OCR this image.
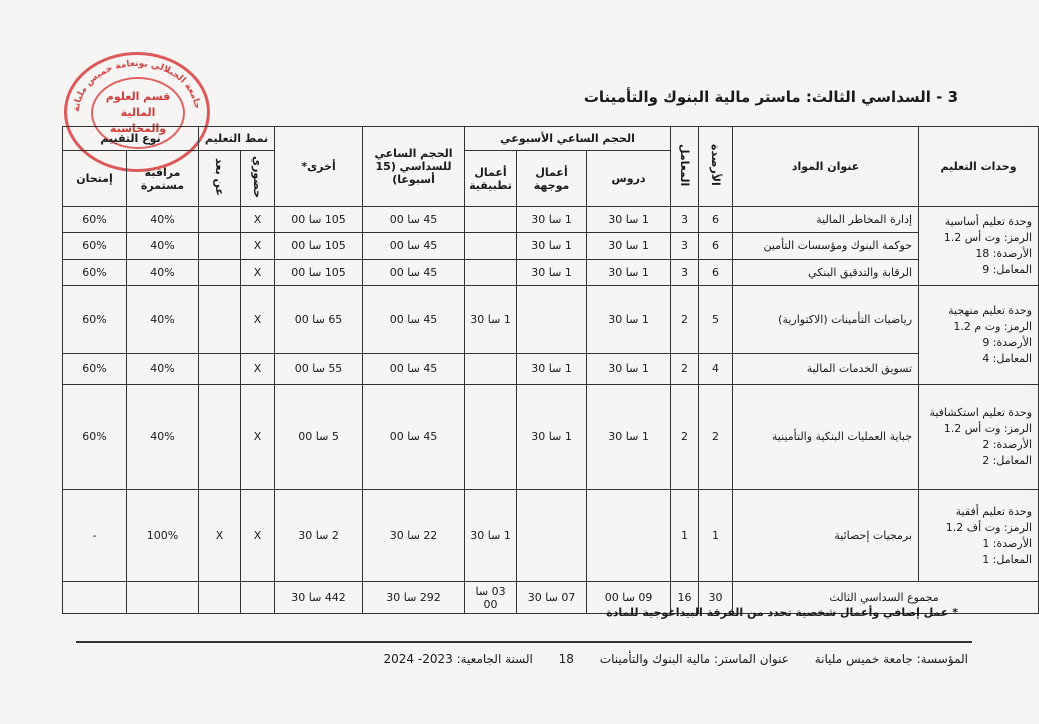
جامعة الجيلالي بونعامة خميس مليانة
قسم العلوم
المالية
والمحاسبة
3 - السداسي الثالث: ماستر مالية البنوك والتأمينات
وحدات التعليم	عنوان المواد	الأرصدة	المعامل	الحجم الساعي الأسبوعي			الحجم الساعي للسداسي (15 أسبوعا)	أخرى*	نمط التعليم		نوع التقييم	
				دروس	أعمال موجهة	أعمال تطبيقية			حضوري	عن بعد	مراقبة مستمرة	إمتحان

وحدة تعليم أساسية
الرمز: وت أس 1.2
الأرصدة: 18
المعامل: 9	إدارة المخاطر المالية	6	3	1 سا 30	1 سا 30		45 سا 00	105 سا 00	X		40%	60%
	حوكمة البنوك ومؤسسات التأمين	6	3	1 سا 30	1 سا 30		45 سا 00	105 سا 00	X		40%	60%
	الرقابة والتدقيق البنكي	6	3	1 سا 30	1 سا 30		45 سا 00	105 سا 00	X		40%	60%

وحدة تعليم منهجية
الرمز: وت م 1.2
الأرصدة: 9
المعامل: 4	رياضيات التأمينات (الاكتوارية)	5	2	1 سا 30		1 سا 30	45 سا 00	65 سا 00	X		40%	60%
	تسويق الخدمات المالية	4	2	1 سا 30	1 سا 30		45 سا 00	55 سا 00	X		40%	60%

وحدة تعليم استكشافية
الرمز: وت أس 1.2
الأرصدة: 2
المعامل: 2	جباية العمليات البنكية والتأمينية	2	2	1 سا 30	1 سا 30		45 سا 00	5 سا 00	X		40%	60%

وحدة تعليم أفقية
الرمز: وت أف 1.2
الأرصدة: 1
المعامل: 1	برمجيات إحصائية	1	1			1 سا 30	22 سا 30	2 سا 30	X	X	100%	-
مجموع السداسي الثالث		30	16	09 سا 00	07 سا 30	03 سا 00	292 سا 30	442 سا 30				
* عمل إضافي وأعمال شخصية تحدد من الفرقة البيداغوجية للمادة
المؤسسة: جامعة خميس مليانة عنوان الماستر: مالية البنوك والتأمينات 18 السنة الجامعية: 2023- 2024
